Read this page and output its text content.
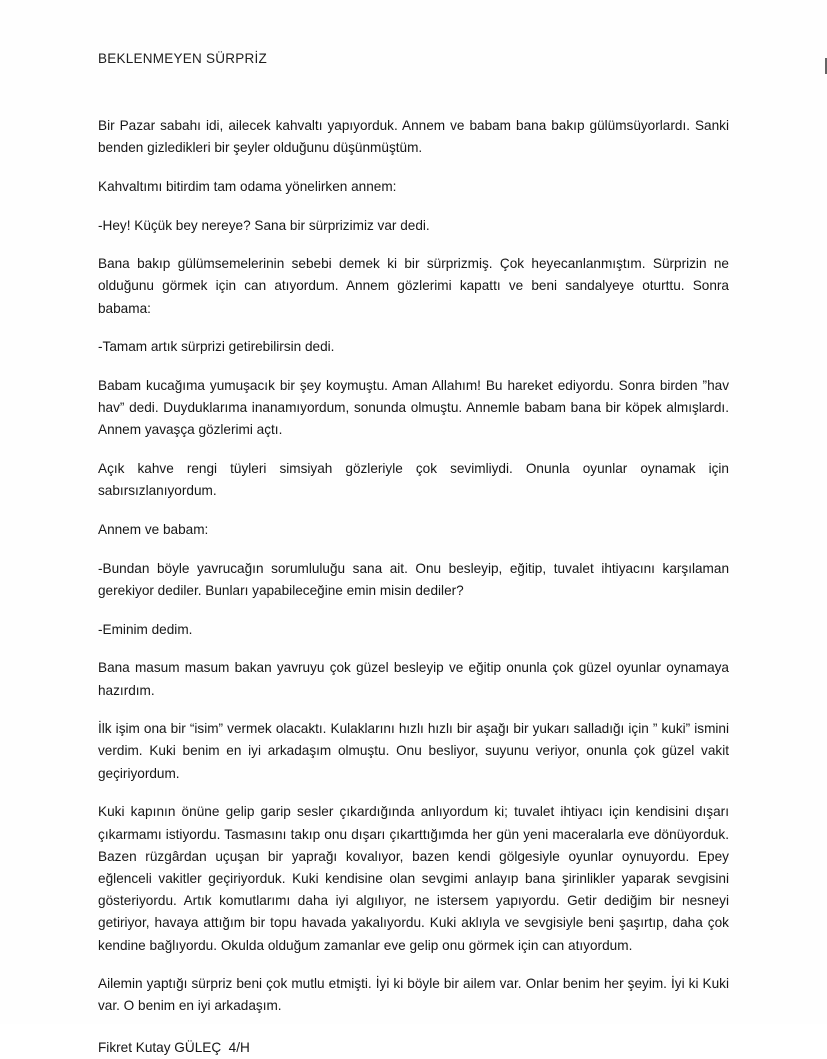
BEKLENMEYEN SÜRPRİZ

Bir Pazar sabahı idi, ailecek kahvaltı yapıyorduk. Annem ve babam bana bakıp gülümsüyorlardı. Sanki benden gizledikleri bir şeyler olduğunu düşünmüştüm.

Kahvaltımı bitirdim tam odama yönelirken annem:

-Hey! Küçük bey nereye? Sana bir sürprizimiz var dedi.

Bana bakıp gülümsemelerinin sebebi demek ki bir sürprizmiş. Çok heyecanlanmıştım. Sürprizin ne olduğunu görmek için can atıyordum. Annem gözlerimi kapattı ve beni sandalyeye oturttu. Sonra babama:

-Tamam artık sürprizi getirebilirsin dedi.

Babam kucağıma yumuşacık bir şey koymuştu. Aman Allahım! Bu hareket ediyordu. Sonra birden ”hav hav” dedi. Duyduklarıma inanamıyordum, sonunda olmuştu. Annemle babam bana bir köpek almışlardı. Annem yavaşça gözlerimi açtı.

Açık kahve rengi tüyleri simsiyah gözleriyle çok sevimliydi. Onunla oyunlar oynamak için sabırsızlanıyordum.

Annem ve babam:

-Bundan böyle yavrucağın sorumluluğu sana ait. Onu besleyip, eğitip, tuvalet ihtiyacını karşılaman gerekiyor dediler. Bunları yapabileceğine emin misin dediler?

-Eminim dedim.

Bana masum masum bakan yavruyu çok güzel besleyip ve eğitip onunla çok güzel oyunlar oynamaya hazırdım.

İlk işim ona bir “isim” vermek olacaktı. Kulaklarını hızlı hızlı bir aşağı bir yukarı salladığı için ” kuki” ismini verdim. Kuki benim en iyi arkadaşım olmuştu. Onu besliyor, suyunu veriyor, onunla çok güzel vakit geçiriyordum.

Kuki kapının önüne gelip garip sesler çıkardığında anlıyordum ki; tuvalet ihtiyacı için kendisini dışarı çıkarmamı istiyordu. Tasmasını takıp onu dışarı çıkarttığımda her gün yeni maceralarla eve dönüyorduk. Bazen rüzgârdan uçuşan bir yaprağı kovalıyor, bazen kendi gölgesiyle oyunlar oynuyordu. Epey eğlenceli vakitler geçiriyorduk. Kuki kendisine olan sevgimi anlayıp bana şirinlikler yaparak sevgisini gösteriyordu. Artık komutlarımı daha iyi algılıyor, ne istersem yapıyordu. Getir dediğim bir nesneyi getiriyor, havaya attığım bir topu havada yakalıyordu. Kuki aklıyla ve sevgisiyle beni şaşırtıp, daha çok kendine bağlıyordu. Okulda olduğum zamanlar eve gelip onu görmek için can atıyordum.

Ailemin yaptığı sürpriz beni çok mutlu etmişti. İyi ki böyle bir ailem var. Onlar benim her şeyim. İyi ki Kuki var. O benim en iyi arkadaşım.

Fikret Kutay GÜLEÇ  4/H
